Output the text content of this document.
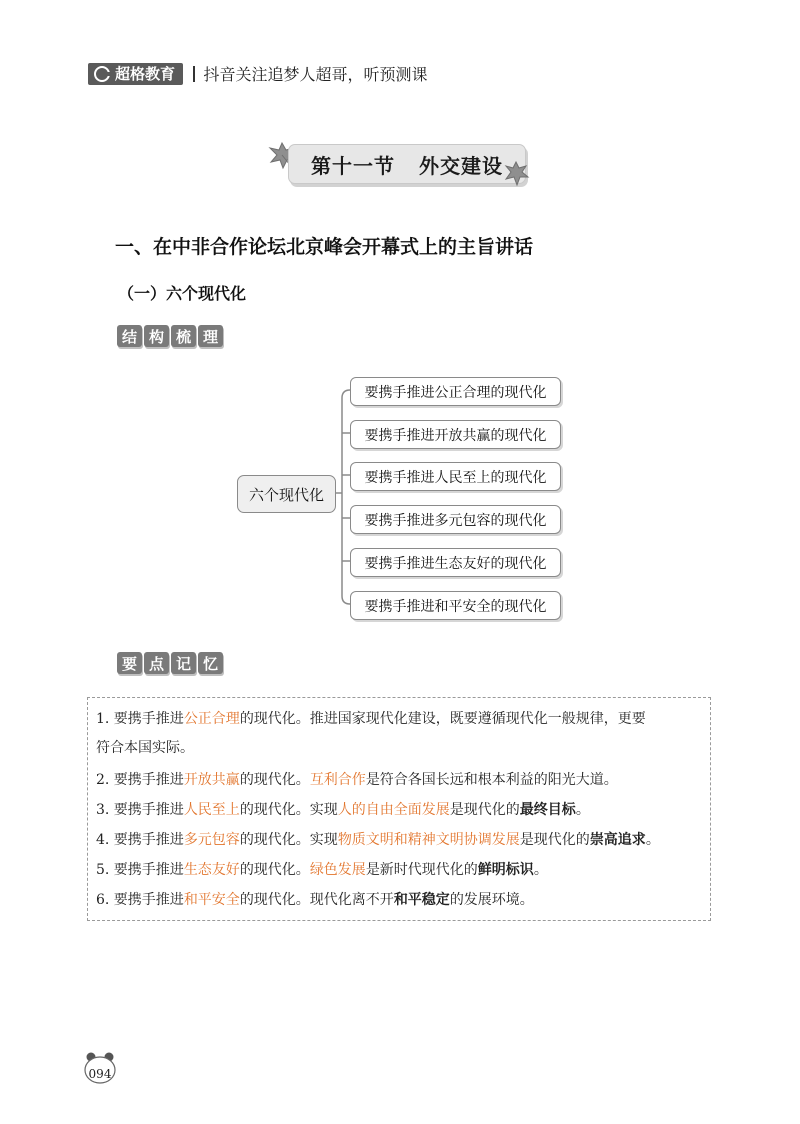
超格教育 抖音关注追梦人超哥，听预测课
第十一节 外交建设
一、在中非合作论坛北京峰会开幕式上的主旨讲话
（一）六个现代化
结 构 梳 理
六个现代化
要携手推进公正合理的现代化
要携手推进开放共赢的现代化
要携手推进人民至上的现代化
要携手推进多元包容的现代化
要携手推进生态友好的现代化
要携手推进和平安全的现代化
要 点 记 忆
1. 要携手推进公正合理的现代化。推进国家现代化建设，既要遵循现代化一般规律，更要
符合本国实际。
2. 要携手推进开放共赢的现代化。互利合作是符合各国长远和根本利益的阳光大道。
3. 要携手推进人民至上的现代化。实现人的自由全面发展是现代化的最终目标。
4. 要携手推进多元包容的现代化。实现物质文明和精神文明协调发展是现代化的崇高追求。
5. 要携手推进生态友好的现代化。绿色发展是新时代现代化的鲜明标识。
6. 要携手推进和平安全的现代化。现代化离不开和平稳定的发展环境。
094
